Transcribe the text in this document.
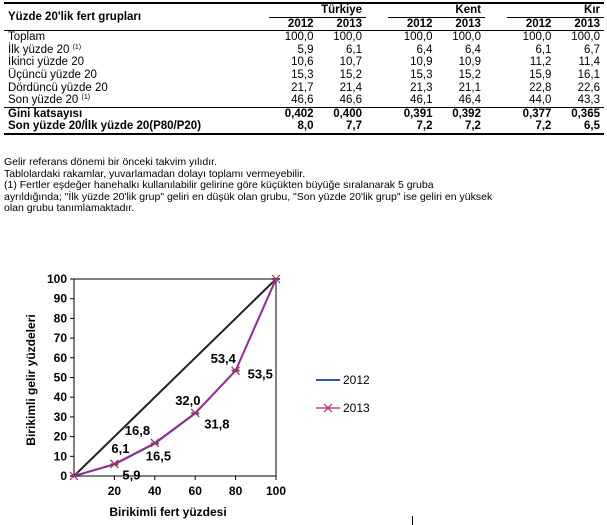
Yüzde 20'lik fert grupları	Türkiye			Kent			Kır	
	2012	2013		2012	2013		2012	2013
Toplam	100,0	100,0		100,0	100,0		100,0	100,0
İlk yüzde 20 $^{(1)}$	5,9	6,1		6,4	6,4		6,1	6,7
İkinci yüzde 20	10,6	10,7		10,9	10,9		11,2	11,4
Üçüncü yüzde 20	15,3	15,2		15,3	15,2		15,9	16,1
Dördüncü yüzde 20	21,7	21,4		21,3	21,1		22,8	22,6
Son yüzde 20 $^{(1)}$	46,6	46,6		46,1	46,4		44,0	43,3
Gini katsayısı	0,402	0,400		0,391	0,392		0,377	0,365
Son yüzde 20/İlk yüzde 20(P80/P20)	8,0	7,7		7,2	7,2		7,2	6,5

Gelir referans dönemi bir önceki takvim yılıdır.

Tablolardaki rakamlar, yuvarlamadan dolayı toplamı vermeyebilir.

(1) Fertler eşdeğer hanehalkı kullanılabilir gelirine göre küçükten büyüğe sıralanarak 5 gruba

ayrıldığında; "İlk yüzde 20'lik grup" geliri en düşük olan grubu, "Son yüzde 20'lik grup" ise geliri en yüksek

olan grubu tanımlamaktadır.

0
10
20
30
40
50
60
70
80
90
100
20 40 60 80 100
5,9
16,5
31,8
53,5
6,1
16,8
32,0
53,4
2012
2013
Birikimli fert yüzdesi
Birikimli gelir yüzdeleri
